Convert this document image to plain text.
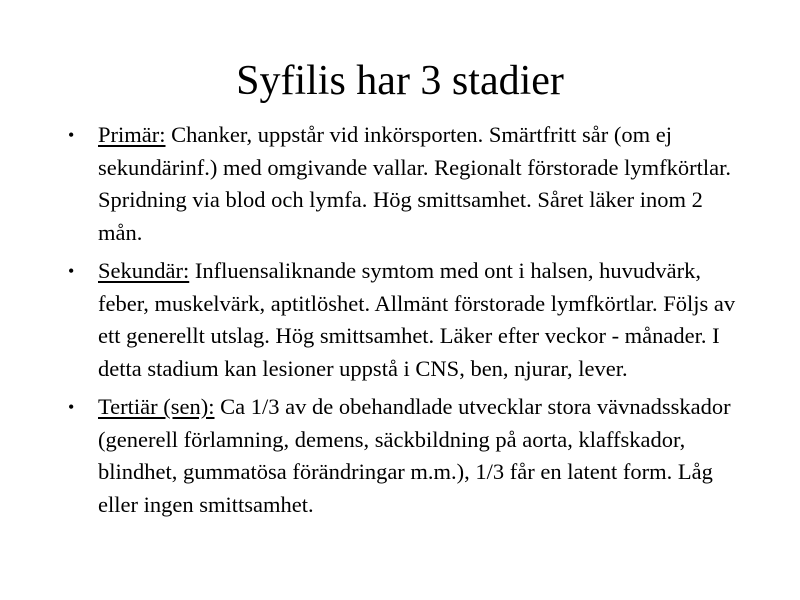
Syfilis har 3 stadier
• Primär: Chanker, uppstår vid inkörsporten. Smärtfritt sår (om ej sekundärinf.) med omgivande vallar. Regionalt förstorade lymfkörtlar. Spridning via blod och lymfa. Hög smittsamhet. Såret läker inom 2 mån.
• Sekundär: Influensaliknande symtom med ont i halsen, huvudvärk, feber, muskelvärk, aptitlöshet. Allmänt förstorade lymfkörtlar. Följs av ett generellt utslag. Hög smittsamhet. Läker efter veckor - månader. I detta stadium kan lesioner uppstå i CNS, ben, njurar, lever.
• Tertiär (sen): Ca 1/3 av de obehandlade utvecklar stora vävnadsskador (generell förlamning, demens, säckbildning på aorta, klaffskador, blindhet, gummatösa förändringar m.m.), 1/3 får en latent form. Låg eller ingen smittsamhet.
